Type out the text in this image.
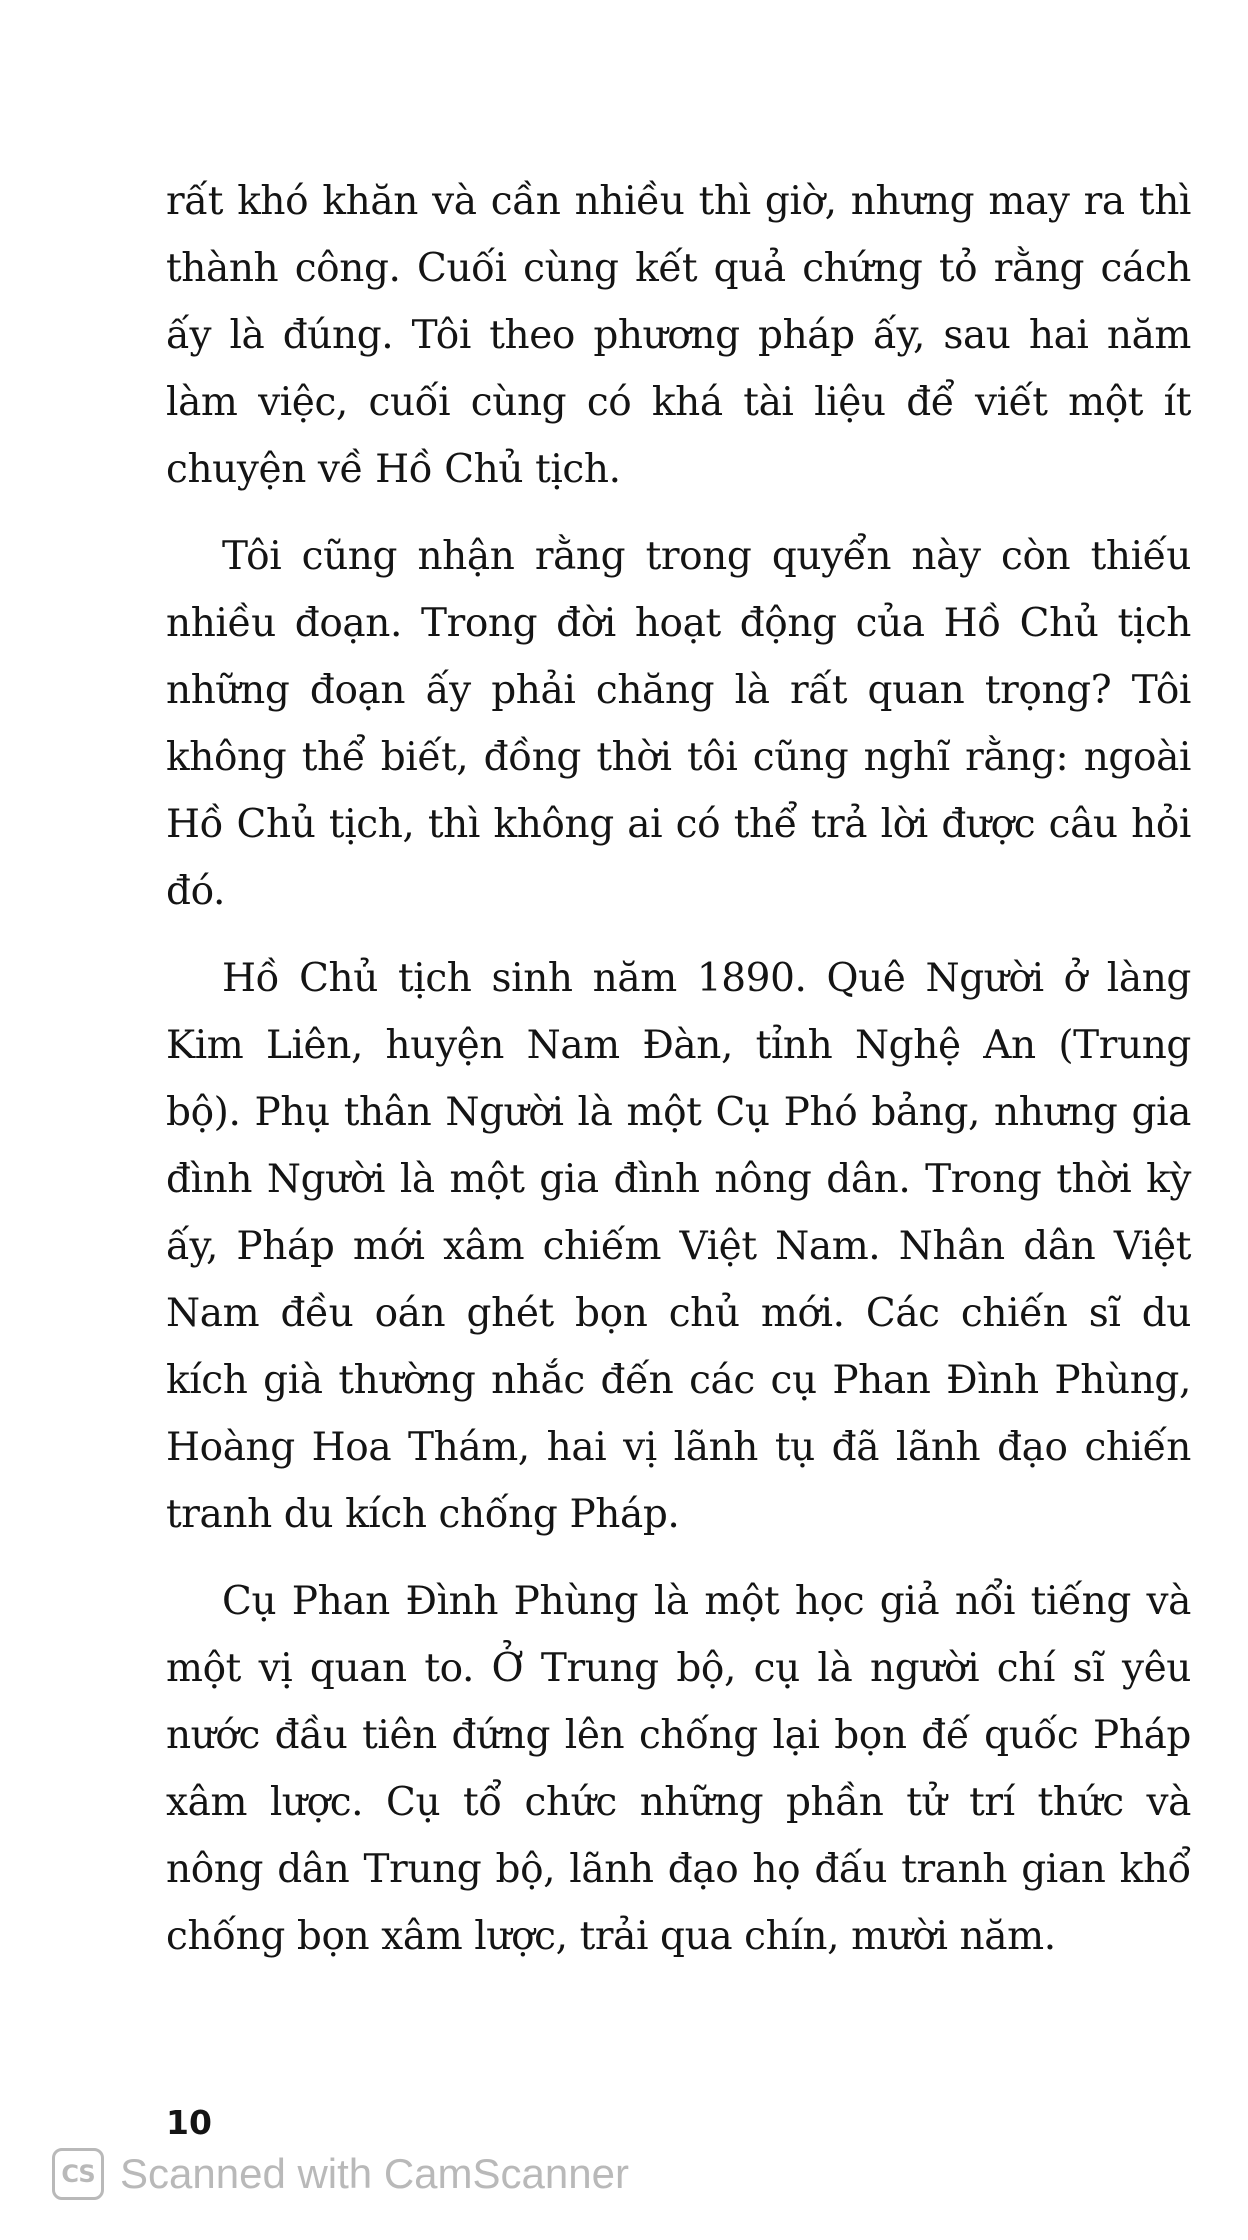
rất khó khăn và cần nhiều thì giờ, nhưng may ra thì thành công. Cuối cùng kết quả chứng tỏ rằng cách ấy là đúng. Tôi theo phương pháp ấy, sau hai năm làm việc, cuối cùng có khá tài liệu để viết một ít chuyện về Hồ Chủ tịch.

Tôi cũng nhận rằng trong quyển này còn thiếu nhiều đoạn. Trong đời hoạt động của Hồ Chủ tịch những đoạn ấy phải chăng là rất quan trọng? Tôi không thể biết, đồng thời tôi cũng nghĩ rằng: ngoài Hồ Chủ tịch, thì không ai có thể trả lời được câu hỏi đó.

Hồ Chủ tịch sinh năm 1890. Quê Người ở làng Kim Liên, huyện Nam Đàn, tỉnh Nghệ An (Trung bộ). Phụ thân Người là một Cụ Phó bảng, nhưng gia đình Người là một gia đình nông dân. Trong thời kỳ ấy, Pháp mới xâm chiếm Việt Nam. Nhân dân Việt Nam đều oán ghét bọn chủ mới. Các chiến sĩ du kích già thường nhắc đến các cụ Phan Đình Phùng, Hoàng Hoa Thám, hai vị lãnh tụ đã lãnh đạo chiến tranh du kích chống Pháp.

Cụ Phan Đình Phùng là một học giả nổi tiếng và một vị quan to. Ở Trung bộ, cụ là người chí sĩ yêu nước đầu tiên đứng lên chống lại bọn đế quốc Pháp xâm lược. Cụ tổ chức những phần tử trí thức và nông dân Trung bộ, lãnh đạo họ đấu tranh gian khổ chống bọn xâm lược, trải qua chín, mười năm.

10
CS Scanned with CamScanner
